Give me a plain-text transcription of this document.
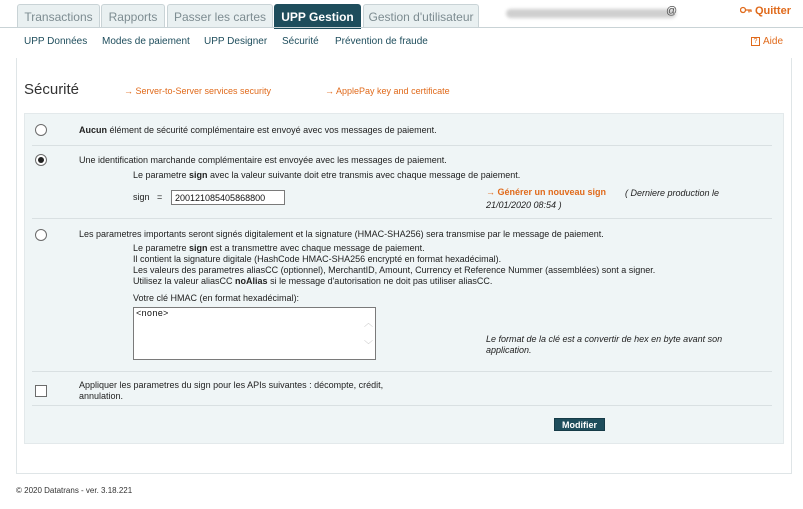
Transactions	Rapports	Passer les cartes	UPP Gestion	Gestion d'utilisateur	@	Quitter
UPP Données Modes de paiement UPP Designer Sécurité Prévention de fraude	? Aide
Sécurité	→ Server-to-Server services security	→ ApplePay key and certificate
Aucun élément de sécurité complémentaire est envoyé avec vos messages de paiement.
Une identification marchande complémentaire est envoyée avec les messages de paiement.
Le parametre sign avec la valeur suivante doit etre transmis avec chaque message de paiement.
sign =
200121085405868800	→ Générer un nouveau sign ( Derniere production le
21/01/2020 08:54 )
Les parametres importants seront signés digitalement et la signature (HMAC-SHA256) sera transmise par le message de paiement.
Le parametre sign est a transmettre avec chaque message de paiement.
Il contient la signature digitale (HashCode HMAC-SHA256 encrypté en format hexadécimal).
Les valeurs des parametres aliasCC (optionnel), MerchantID, Amount, Currency et Reference Nummer (assemblées) sont a signer.
Utilisez la valeur aliasCC noAlias si le message d'autorisation ne doit pas utiliser aliasCC.
Votre clé HMAC (en format hexadécimal):
<none>
︿
﹀
Le format de la clé est a convertir de hex en byte avant son
application.
Appliquer les parametres du sign pour les APIs suivantes : décompte, crédit,
annulation.
Modifier
© 2020 Datatrans - ver. 3.18.221
